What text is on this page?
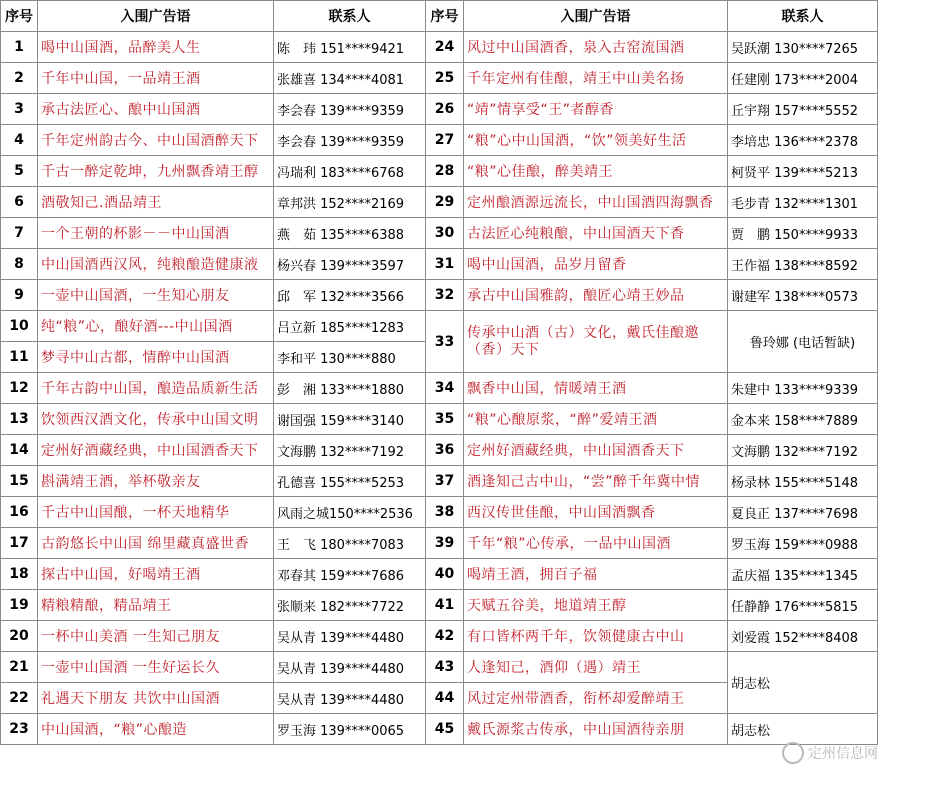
序号	入围广告语	联系人	序号	入围广告语	联系人
1	喝中山国酒，品醉美人生	陈　玮 151****9421	24	风过中山国酒香，泉入古窑流国酒	吴跃潮 130****7265
2	千年中山国，一品靖王酒	张雄喜 134****4081	25	千年定州有佳酿，靖王中山美名扬	任建刚 173****2004
3	承古法匠心、酿中山国酒	李会春 139****9359	26	“靖”情享受“王”者醇香	丘宇翔 157****5552
4	千年定州韵古今、中山国酒醉天下	李会春 139****9359	27	“粮”心中山国酒，“饮”领美好生活	李培忠 136****2378
5	千古一醉定乾坤，九州飘香靖王醇	冯瑞利 183****6768	28	“粮”心佳酿，醉美靖王	柯贤平 139****5213
6	酒敬知己.酒品靖王	章邦洪 152****2169	29	定州酿酒源远流长，中山国酒四海飘香	毛步青 132****1301
7	一个王朝的杯影－－中山国酒	燕　茹 135****6388	30	古法匠心纯粮酿，中山国酒天下香	贾　鹏 150****9933
8	中山国酒西汉风，纯粮酿造健康液	杨兴春 139****3597	31	喝中山国酒，品岁月留香	王作福 138****8592
9	一壶中山国酒，一生知心朋友	邱　军 132****3566	32	承古中山国雅韵，酿匠心靖王妙品	谢建军 138****0573
10	纯“粮”心，酿好酒---中山国酒	吕立新 185****1283	33	传承中山酒（古）文化，戴氏佳酿邀（香）天下	鲁玲娜 (电话暂缺)
11	梦寻中山古都，情醉中山国酒	李和平 130****880			
12	千年古韵中山国，酿造品质新生活	彭　湘 133****1880	34	飘香中山国，情暖靖王酒	朱建中 133****9339
13	饮领西汉酒文化，传承中山国文明	谢国强 159****3140	35	“粮”心酿原浆，“醉”爱靖王酒	金本来 158****7889
14	定州好酒藏经典，中山国酒香天下	文海鹏 132****7192	36	定州好酒藏经典，中山国酒香天下	文海鹏 132****7192
15	斟满靖王酒，举杯敬亲友	孔德喜 155****5253	37	酒逢知己古中山，“尝”醉千年冀中情	杨录林 155****5148
16	千古中山国酿，一杯天地精华	风雨之城150****2536	38	西汉传世佳酿，中山国酒飘香	夏良正 137****7698
17	古韵悠长中山国 绵里藏真盛世香	王　飞 180****7083	39	千年“粮”心传承，一品中山国酒	罗玉海 159****0988
18	探古中山国，好喝靖王酒	邓春其 159****7686	40	喝靖王酒，拥百子福	孟庆福 135****1345
19	精粮精酿，精品靖王	张顺来 182****7722	41	天赋五谷美，地道靖王醇	任静静 176****5815
20	一杯中山美酒 一生知己朋友	吴从青 139****4480	42	有口皆杯两千年，饮领健康古中山	刘爱霞 152****8408
21	一壶中山国酒 一生好运长久	吴从青 139****4480	43	人逢知己，酒仰（遇）靖王	胡志松
22	礼遇天下朋友 共饮中山国酒	吴从青 139****4480	44	风过定州带酒香，衔杯却爱醉靖王	
23	中山国酒，“粮”心酿造	罗玉海 139****0065	45	戴氏源浆古传承，中山国酒待亲朋	胡志松
定州信息网
